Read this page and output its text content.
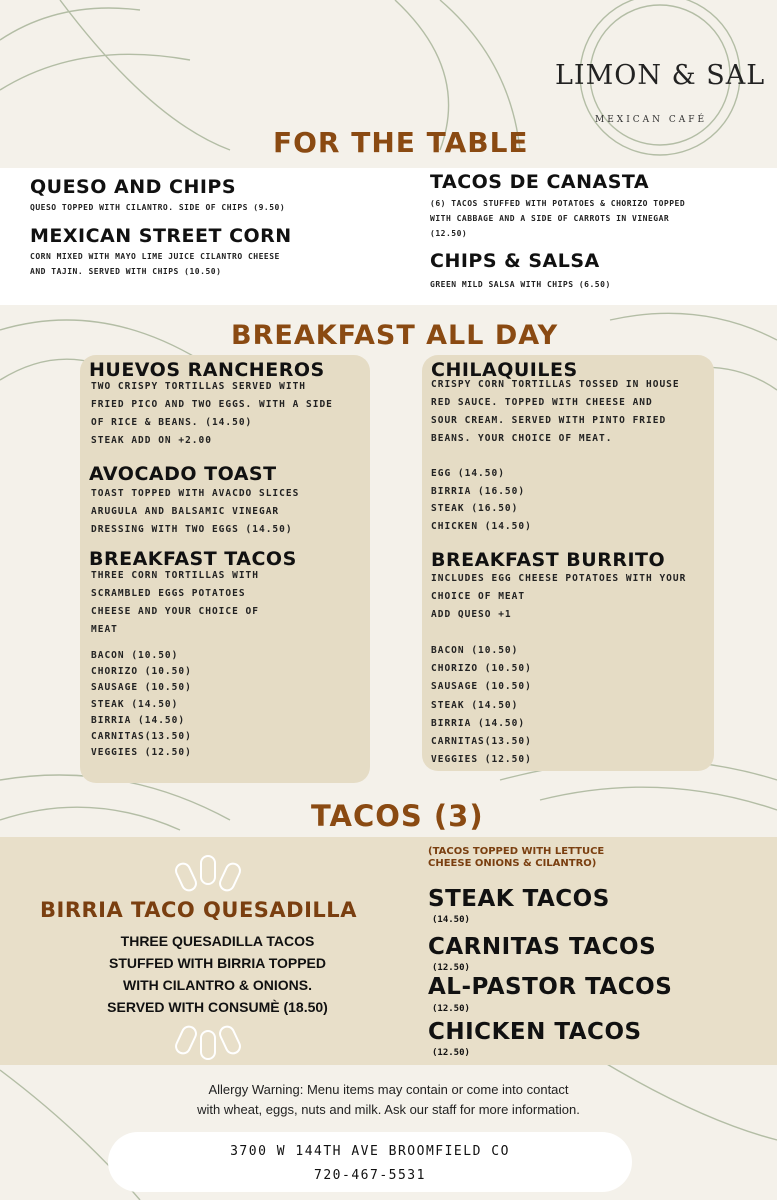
LIMON & SAL
MEXICAN CAFÉ
FOR THE TABLE
QUESO AND CHIPS
QUESO TOPPED WITH CILANTRO. SIDE OF CHIPS (9.50)
MEXICAN STREET CORN
CORN MIXED WITH MAYO LIME JUICE CILANTRO CHEESE
AND TAJIN. SERVED WITH CHIPS (10.50)
TACOS DE CANASTA
(6) TACOS STUFFED WITH POTATOES & CHORIZO TOPPED
WITH CABBAGE AND A SIDE OF CARROTS IN VINEGAR
(12.50)
CHIPS & SALSA
GREEN MILD SALSA WITH CHIPS (6.50)
BREAKFAST ALL DAY
HUEVOS RANCHEROS
TWO CRISPY TORTILLAS SERVED WITH
FRIED PICO AND TWO EGGS. WITH A SIDE
OF RICE & BEANS. (14.50)
STEAK ADD ON +2.00
AVOCADO TOAST
TOAST TOPPED WITH AVACDO SLICES
ARUGULA AND BALSAMIC VINEGAR
DRESSING WITH TWO EGGS (14.50)
BREAKFAST TACOS
THREE CORN TORTILLAS WITH
SCRAMBLED EGGS POTATOES
CHEESE AND YOUR CHOICE OF
MEAT
BACON (10.50)
CHORIZO (10.50)
SAUSAGE (10.50)
STEAK (14.50)
BIRRIA (14.50)
CARNITAS(13.50)
VEGGIES (12.50)
CHILAQUILES
CRISPY CORN TORTILLAS TOSSED IN HOUSE
RED SAUCE. TOPPED WITH CHEESE AND
SOUR CREAM. SERVED WITH PINTO FRIED
BEANS. YOUR CHOICE OF MEAT.
EGG (14.50)
BIRRIA (16.50)
STEAK (16.50)
CHICKEN (14.50)
BREAKFAST BURRITO
INCLUDES EGG CHEESE POTATOES WITH YOUR
CHOICE OF MEAT
ADD QUESO +1
BACON (10.50)
CHORIZO (10.50)
SAUSAGE (10.50)
STEAK (14.50)
BIRRIA (14.50)
CARNITAS(13.50)
VEGGIES (12.50)
TACOS (3)
BIRRIA TACO QUESADILLA
THREE QUESADILLA TACOS
STUFFED WITH BIRRIA TOPPED
WITH CILANTRO & ONIONS.
SERVED WITH CONSUMÈ (18.50)
(TACOS TOPPED WITH LETTUCE
CHEESE ONIONS & CILANTRO)
STEAK TACOS
(14.50)
CARNITAS TACOS
(12.50)
AL-PASTOR TACOS
(12.50)
CHICKEN TACOS
(12.50)
Allergy Warning: Menu items may contain or come into contact
with wheat, eggs, nuts and milk. Ask our staff for more information.
3700 W 144TH AVE BROOMFIELD CO
720-467-5531
